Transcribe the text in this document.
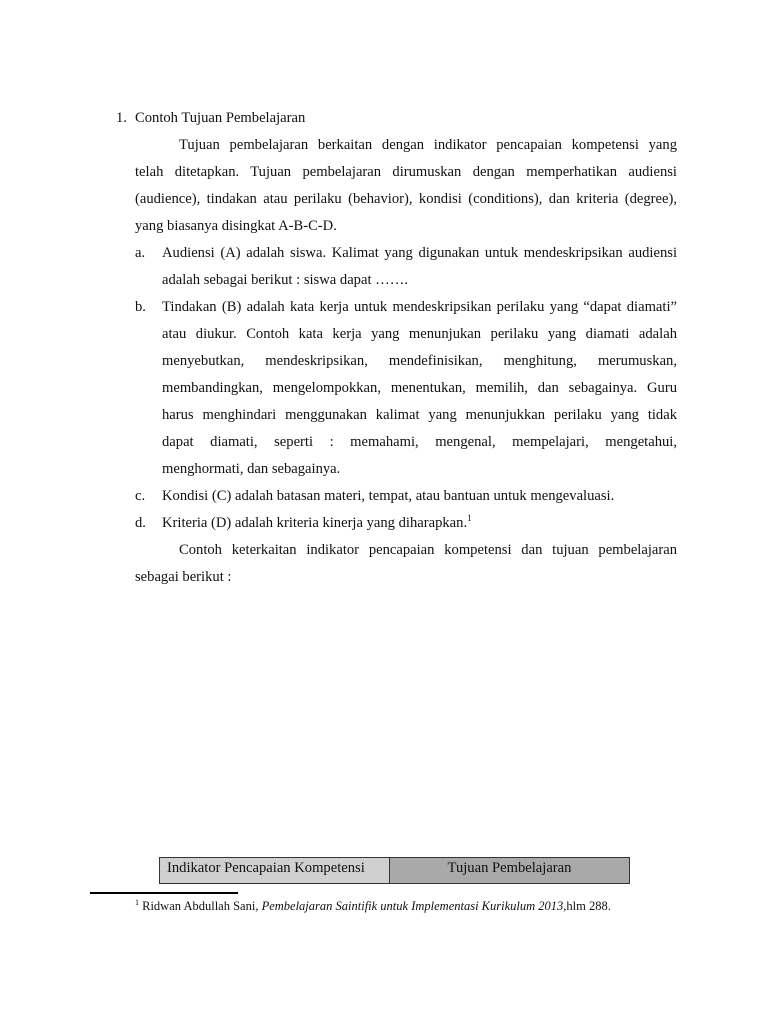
1. Contoh Tujuan Pembelajaran
Tujuan pembelajaran berkaitan dengan indikator pencapaian kompetensi yang
telah ditetapkan. Tujuan pembelajaran dirumuskan dengan memperhatikan audiensi
(audience), tindakan atau perilaku (behavior), kondisi (conditions), dan kriteria (degree),
yang biasanya disingkat A-B-C-D.
a. Audiensi (A) adalah siswa. Kalimat yang digunakan untuk mendeskripsikan audiensi
adalah sebagai berikut : siswa dapat …….
b. Tindakan (B) adalah kata kerja untuk mendeskripsikan perilaku yang “dapat diamati”
atau diukur. Contoh kata kerja yang menunjukan perilaku yang diamati adalah
menyebutkan, mendeskripsikan, mendefinisikan, menghitung, merumuskan,
membandingkan, mengelompokkan, menentukan, memilih, dan sebagainya. Guru
harus menghindari menggunakan kalimat yang menunjukkan perilaku yang tidak
dapat diamati, seperti : memahami, mengenal, mempelajari, mengetahui,
menghormati, dan sebagainya.
c. Kondisi (C) adalah batasan materi, tempat, atau bantuan untuk mengevaluasi.
d. Kriteria (D) adalah kriteria kinerja yang diharapkan.$^1$
Contoh keterkaitan indikator pencapaian kompetensi dan tujuan pembelajaran
sebagai berikut :
Indikator Pencapaian Kompetensi	Tujuan Pembelajaran
$^1$ Ridwan Abdullah Sani, Pembelajaran Saintifik untuk Implementasi Kurikulum 2013,hlm 288.
